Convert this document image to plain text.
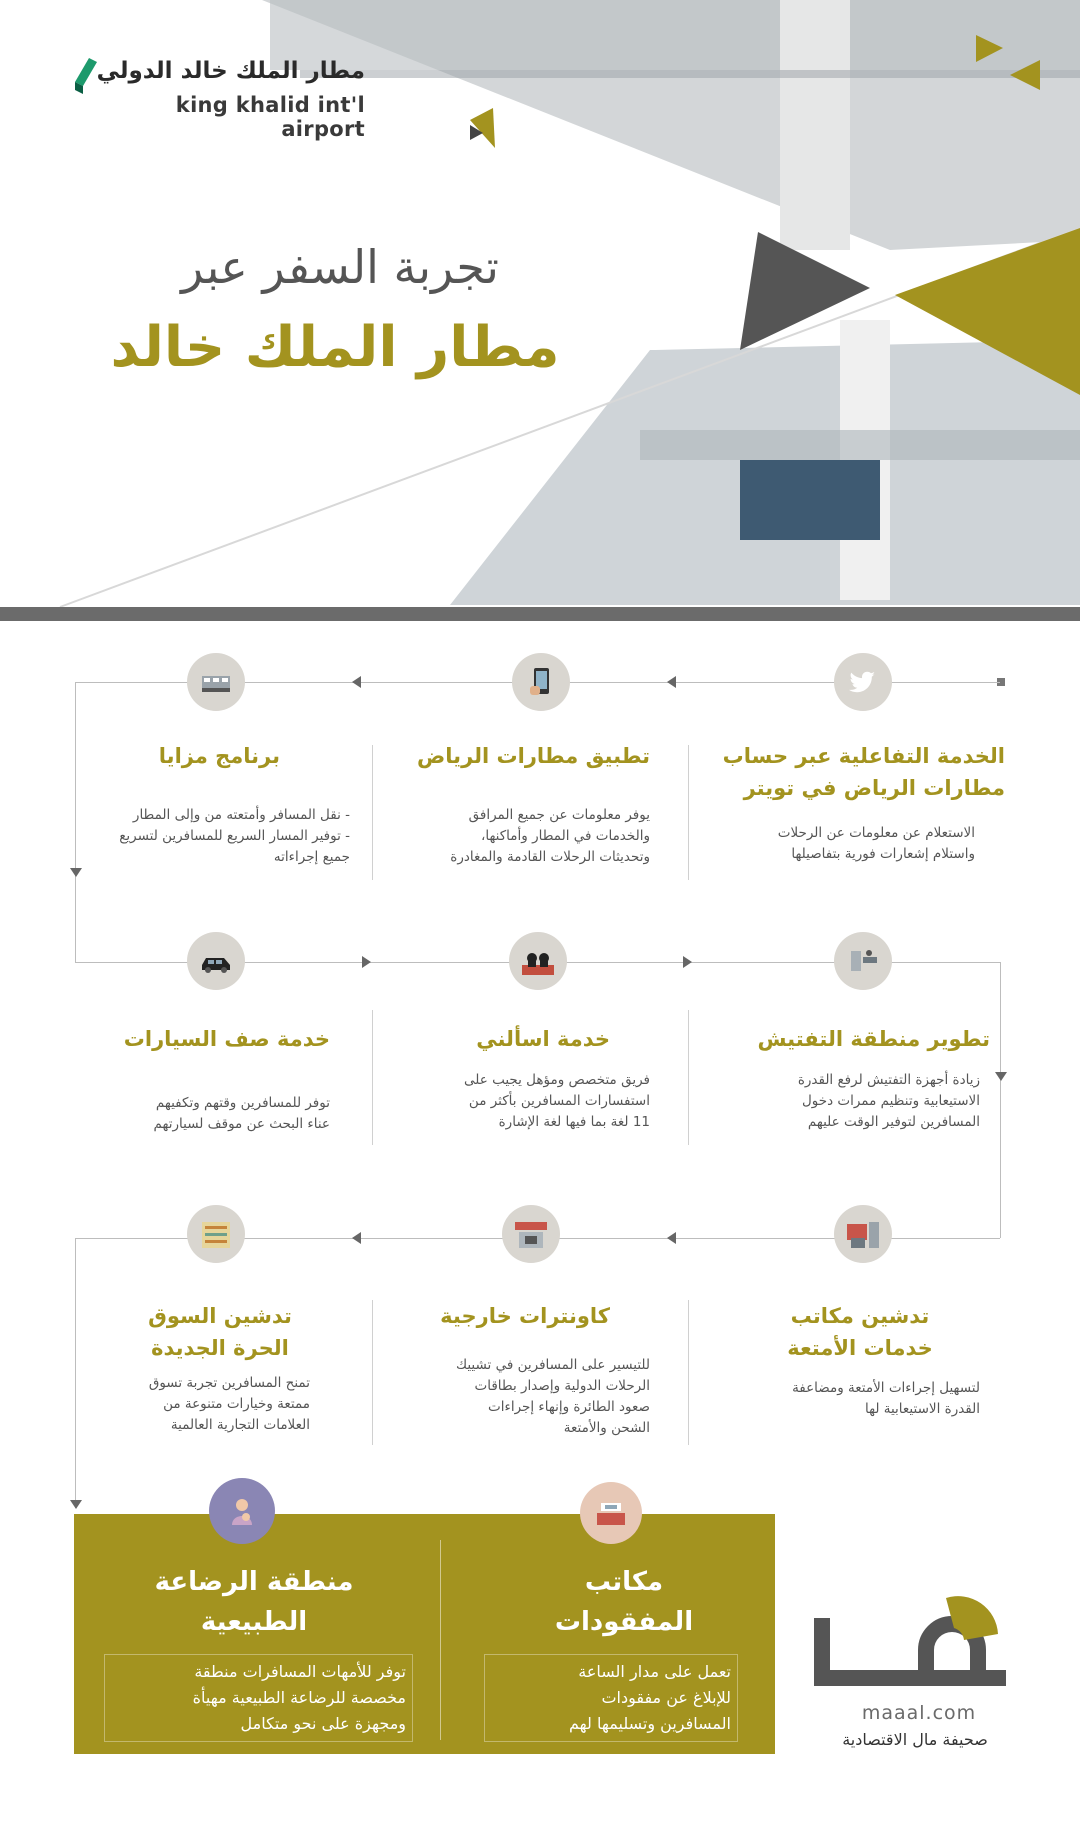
مطار الملك خالد الدولي
king khalid int'l airport
تجربة السفر عبر
مطار الملك خالد
الخدمة التفاعلية عبر حساب
مطارات الرياض في تويتر
الاستعلام عن معلومات عن الرحلات
واستلام إشعارات فورية بتفاصيلها
تطبيق مطارات الرياض
يوفر معلومات عن جميع المرافق
والخدمات في المطار وأماكنها،
وتحديثات الرحلات القادمة والمغادرة
برنامج مزايا
- نقل المسافر وأمتعته من وإلى المطار
- توفير المسار السريع للمسافرين لتسريع
جميع إجراءاته
تطوير منطقة التفتيش
زيادة أجهزة التفتيش لرفع القدرة
الاستيعابية وتنظيم ممرات دخول
المسافرين لتوفير الوقت عليهم
خدمة اسألني
فريق متخصص ومؤهل يجيب على
استفسارات المسافرين بأكثر من
11 لغة بما فيها لغة الإشارة
خدمة صف السيارات
توفر للمسافرين وقتهم وتكفيهم
عناء البحث عن موقف لسيارتهم
تدشين مكاتب
خدمات الأمتعة
لتسهيل إجراءات الأمتعة ومضاعفة
القدرة الاستيعابية لها
كاونترات خارجية
للتيسير على المسافرين في تشييك
الرحلات الدولية وإصدار بطاقات
صعود الطائرة وإنهاء إجراءات
الشحن والأمتعة
تدشين السوق
الحرة الجديدة
تمنح المسافرين تجربة تسوق
ممتعة وخيارات متنوعة من
العلامات التجارية العالمية
مكاتب
المفقودات
تعمل على مدار الساعة
للإبلاغ عن مفقودات
المسافرين وتسليمها لهم
منطقة الرضاعة
الطبيعية
توفر للأمهات المسافرات منطقة
مخصصة للرضاعة الطبيعية مهيأة
ومجهزة على نحو متكامل	maaal.com
صحيفة مال الاقتصادية
